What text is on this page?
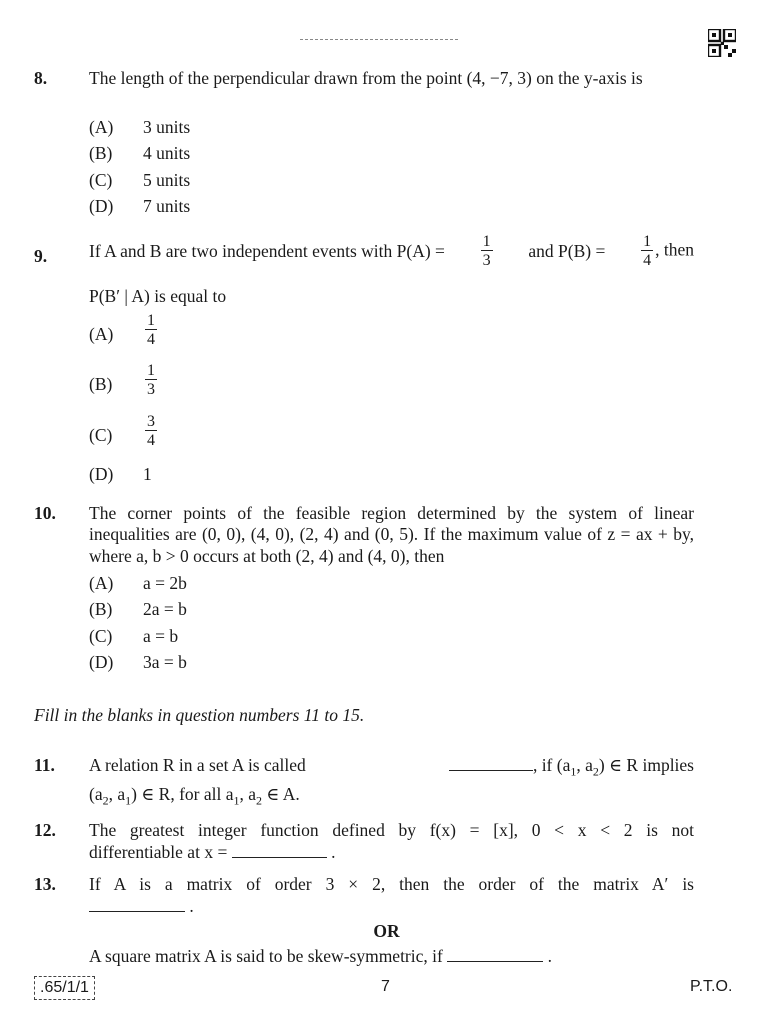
8. The length of the perpendicular drawn from the point (4, −7, 3) on the y-axis is
(A) 3 units
(B) 4 units
(C) 5 units
(D) 7 units
9. If A and B are two independent events with $P(A) = \frac{1}{3}$ and $P(B) = \frac{1}{4}$ , then
P(B′ | A) is equal to
$(A) \frac{1}{4}$
$(B) \frac{1}{3}$
$(C) \frac{3}{4}$
(D) 1
10. The corner points of the feasible region determined by the system of linear inequalities are (0, 0), (4, 0), (2, 4) and (0, 5). If the maximum value of z = ax + by, where a, b > 0 occurs at both (2, 4) and (4, 0), then
(A) a = 2b
(B) 2a = b
(C) a = b
(D) 3a = b
Fill in the blanks in question numbers 11 to 15.
11. A relation R in a set A is called	, if ($a_1$, $a_2$) ∈ R implies
($a_2$, $a_1$) ∈ R, for all $a_1$, $a_2$ ∈ A.
12. The greatest integer function defined by f(x) = [x], 0 < x < 2 is not
differentiable at x =	.
13. If A is a matrix of order 3 × 2, then the order of the matrix A′ is
.
OR
A square matrix A is said to be skew-symmetric, if	.
.65/1/1	7	P.T.O.
